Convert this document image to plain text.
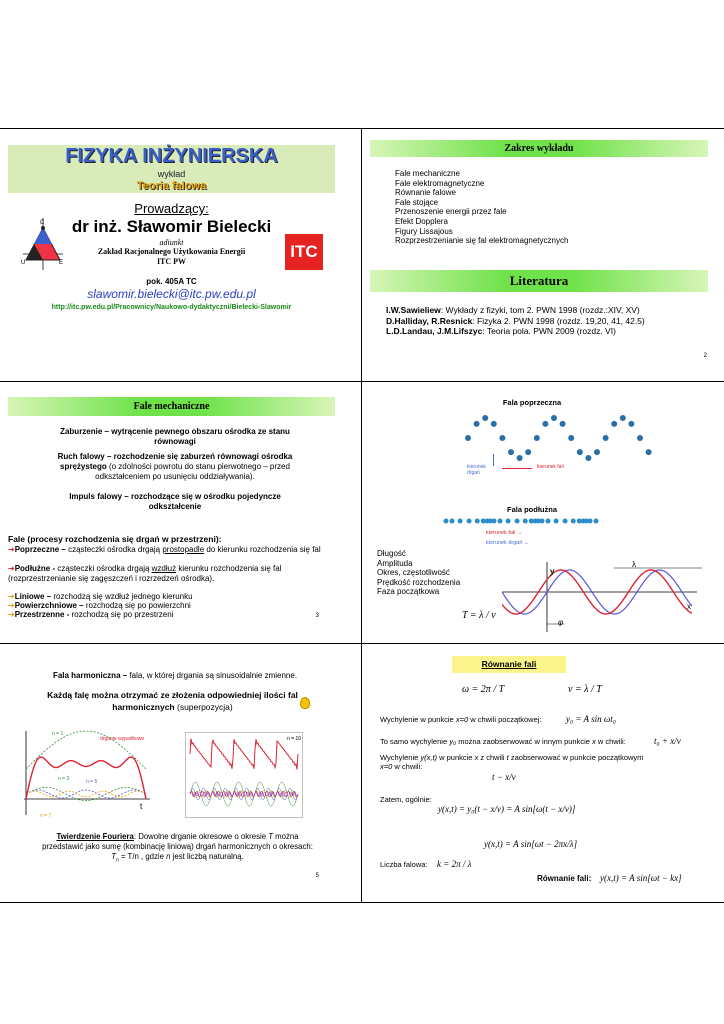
FIZYKA INŻYNIERSKA
wykład
Teoria falowa
U
C
E
Prowadzący:
dr inż. Sławomir Bielecki
adiunkt
Zakład Racjonalnego Użytkowania Energii
ITC PW
ITC
pok. 405A TC
slawomir.bielecki@itc.pw.edu.pl
http://itc.pw.edu.pl/Pracownicy/Naukowo-dydaktyczni/Bielecki-Slawomir
Zakres wykładu
Fale mechaniczne
Fale elektromagnetyczne
Równanie falowe
Fale stojące
Przenoszenie energii przez fale
Efekt Dopplera
Figury Lissajous
Rozprzestrzenianie się fal elektromagnetycznych
Literatura
I.W.Sawieliew: Wykłady z fizyki, tom 2. PWN 1998 (rozdz.:XIV, XV)
D.Halliday, R.Resnick: Fizyka 2. PWN 1998 (rozdz. 19,20, 41, 42.5)
L.D.Landau, J.M.Lifszyc: Teoria pola. PWN 2009 (rozdz. VI)
2
Fale mechaniczne
Zaburzenie – wytrącenie pewnego obszaru ośrodka ze stanu równowagi
Ruch falowy – rozchodzenie się zaburzeń równowagi ośrodka sprężystego (o zdolności powrotu do stanu pierwotnego – przed odkształceniem po usunięciu oddziaływania).
Impuls falowy – rozchodzące się w ośrodku pojedyncze odkształcenie
Fale (procesy rozchodzenia się drgań w przestrzeni):
➔Poprzeczne – cząsteczki ośrodka drgają prostopadle do kierunku rozchodzenia się fal
➔Podłużne - cząsteczki ośrodka drgają wzdłuż kierunku rozchodzenia się fal (rozprzestrzenianie się zagęszczeń i rozrzedzeń ośrodka).
➔Liniowe – rozchodzą się wzdłuż jednego kierunku
➔Powierzchniowe – rozchodzą się po powierzchni
➔Przestrzenne - rozchodzą się po przestrzeni	3
Fala poprzeczna
kierunek drgań
kierunek fali
Fala podłużna
kierunek fali →
kierunek drgań ↔
Długość
Amplituda
Okres, częstotliwość
Prędkość rozchodzenia
Faza początkowa
T = λ / v
y
x
λ
φ
Fala harmoniczna – fala, w której drgania są sinusoidalnie zmienne.
Każdą falę można otrzymać ze złożenia odpowiedniej ilości fal harmonicznych (superpozycja)
n = 1
drganie wypadkowe
n = 3	n = 5
n = 7
t
n = 10
Twierdzenie Fouriera: Dowolne drganie okresowe o okresie T można przedstawić jako sumę (kombinację liniową) drgań harmonicznych o okresach: $T_n = T/n$ , gdzie n jest liczbą naturalną.
5
Równanie fali
ω = 2π / T	v = λ / T
Wychylenie w punkcie x=0 w chwili początkowej:	y₀ = A sin ωt₀
To samo wychylenie y₀ można zaobserwować w innym punkcie x w chwili:	t₀ + x/v
Wychylenie y(x,t) w punkcie x z chwili t zaobserwować w punkcie początkowym x=0 w chwili:
t − x/v
Zatem, ogólnie:
y(x,t) = y₀(t − x/v) = A sin[ω(t − x/v)]
y(x,t) = A sin[ωt − 2πx/λ]
Liczba falowa: k = 2π / λ
Równanie fali: y(x,t) = A sin[ωt − kx]
